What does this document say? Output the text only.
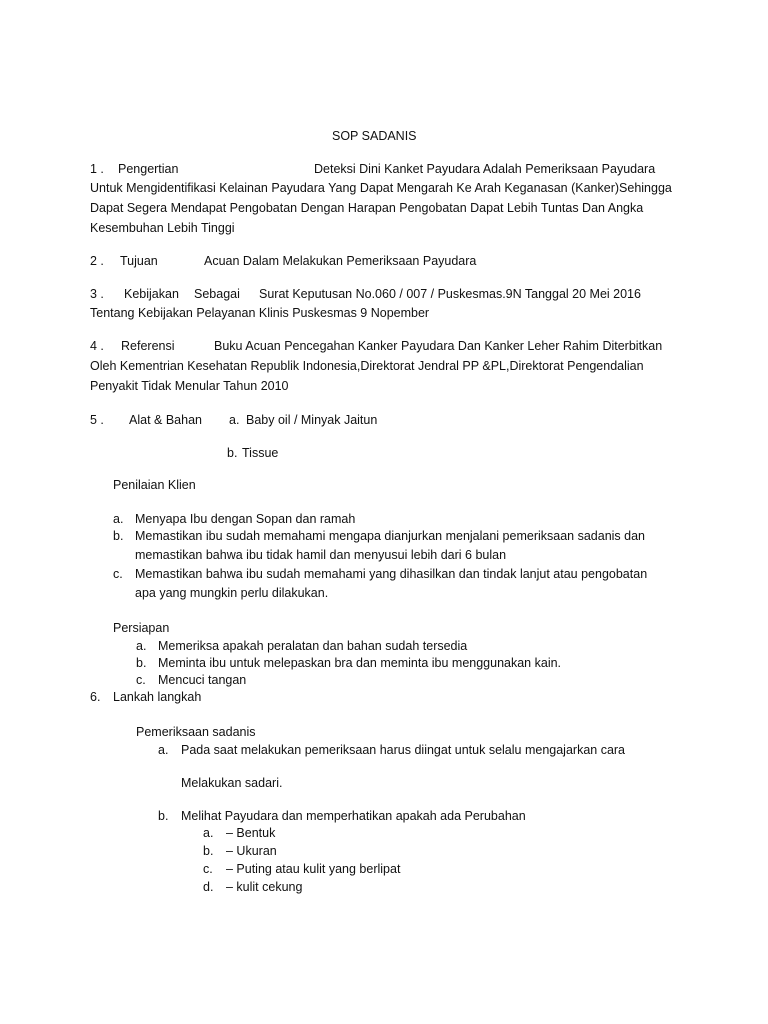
SOP SADANIS
1 . Pengertian	Deteksi Dini Kanket Payudara Adalah Pemeriksaan Payudara
Untuk Mengidentifikasi Kelainan Payudara Yang Dapat Mengarah Ke Arah Keganasan (Kanker)Sehingga
Dapat Segera Mendapat Pengobatan Dengan Harapan Pengobatan Dapat Lebih Tuntas Dan Angka
Kesembuhan Lebih Tinggi
2 . Tujuan	Acuan Dalam Melakukan Pemeriksaan Payudara
3 . Kebijakan Sebagai Surat Keputusan No.060 / 007 / Puskesmas.9N Tanggal 20 Mei 2016
Tentang Kebijakan Pelayanan Klinis Puskesmas 9 Nopember
4 . Referensi	Buku Acuan Pencegahan Kanker Payudara Dan Kanker Leher Rahim Diterbitkan
Oleh Kementrian Kesehatan Republik Indonesia,Direktorat Jendral PP &PL,Direktorat Pengendalian
Penyakit Tidak Menular Tahun 2010
5 . Alat & Bahan a. Baby oil / Minyak Jaitun
b. Tissue
Penilaian Klien
a. Menyapa Ibu dengan Sopan dan ramah
b. Memastikan ibu sudah memahami mengapa dianjurkan menjalani pemeriksaan sadanis dan
memastikan bahwa ibu tidak hamil dan menyusui lebih dari 6 bulan
c. Memastikan bahwa ibu sudah memahami yang dihasilkan dan tindak lanjut atau pengobatan
apa yang mungkin perlu dilakukan.
Persiapan
a. Memeriksa apakah peralatan dan bahan sudah tersedia
b. Meminta ibu untuk melepaskan bra dan meminta ibu menggunakan kain.
c. Mencuci tangan
6. Lankah langkah
Pemeriksaan sadanis
a. Pada saat melakukan pemeriksaan harus diingat untuk selalu mengajarkan cara
Melakukan sadari.
b. Melihat Payudara dan memperhatikan apakah ada Perubahan
a. – Bentuk
b. – Ukuran
c. – Puting atau kulit yang berlipat
d. – kulit cekung
